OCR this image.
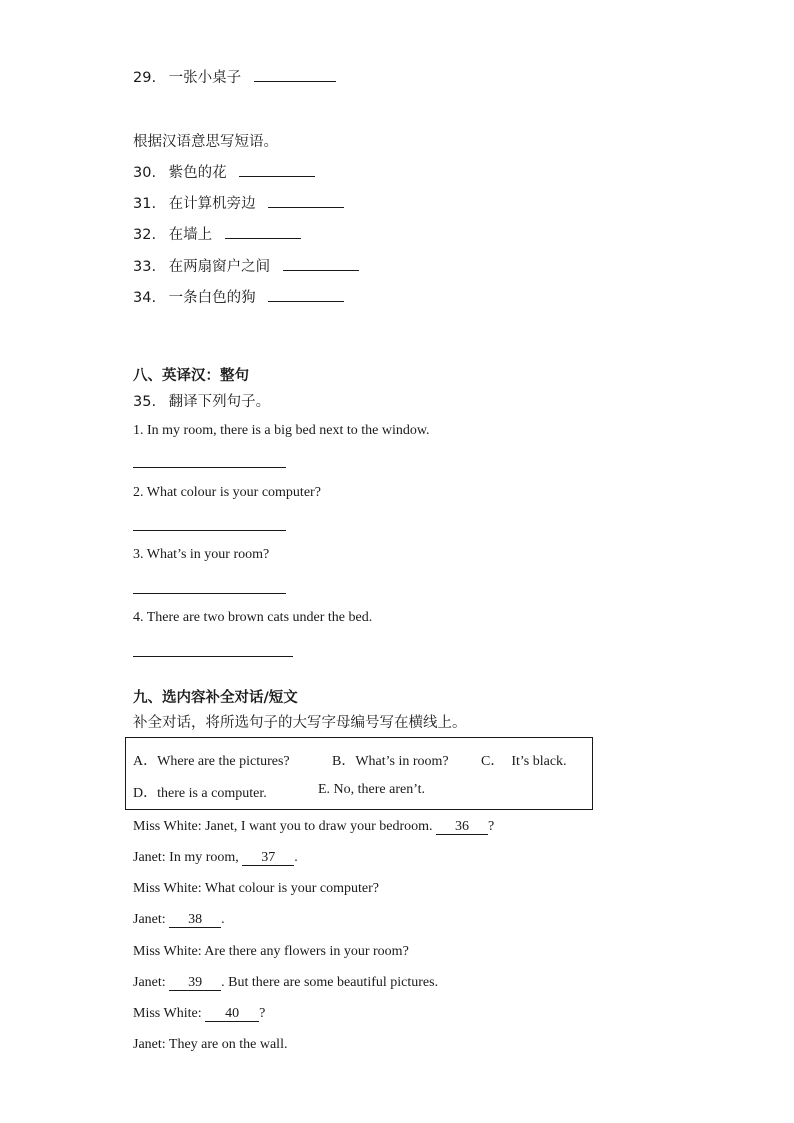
29. 一张小桌子
根据汉语意思写短语。
30. 紫色的花
31. 在计算机旁边
32. 在墙上
33. 在两扇窗户之间
34. 一条白色的狗
八、英译汉：整句
35. 翻译下列句子。
1. In my room, there is a big bed next to the window.
2. What colour is your computer?
3. What’s in your room?
4. There are two brown cats under the bed.
九、选内容补全对话/短文
补全对话，将所选句子的大写字母编号写在横线上。
A．Where are the pictures?	B．What’s in room? C．　It’s black.
D．there is a computer.	E. No, there aren’t.
Miss White: Janet, I want you to draw your bedroom. 36 ?
Janet: In my room, 37 .
Miss White: What colour is your computer?
Janet: 38 .
Miss White: Are there any flowers in your room?
Janet: 39 . But there are some beautiful pictures.
Miss White: 40 ?
Janet: They are on the wall.
